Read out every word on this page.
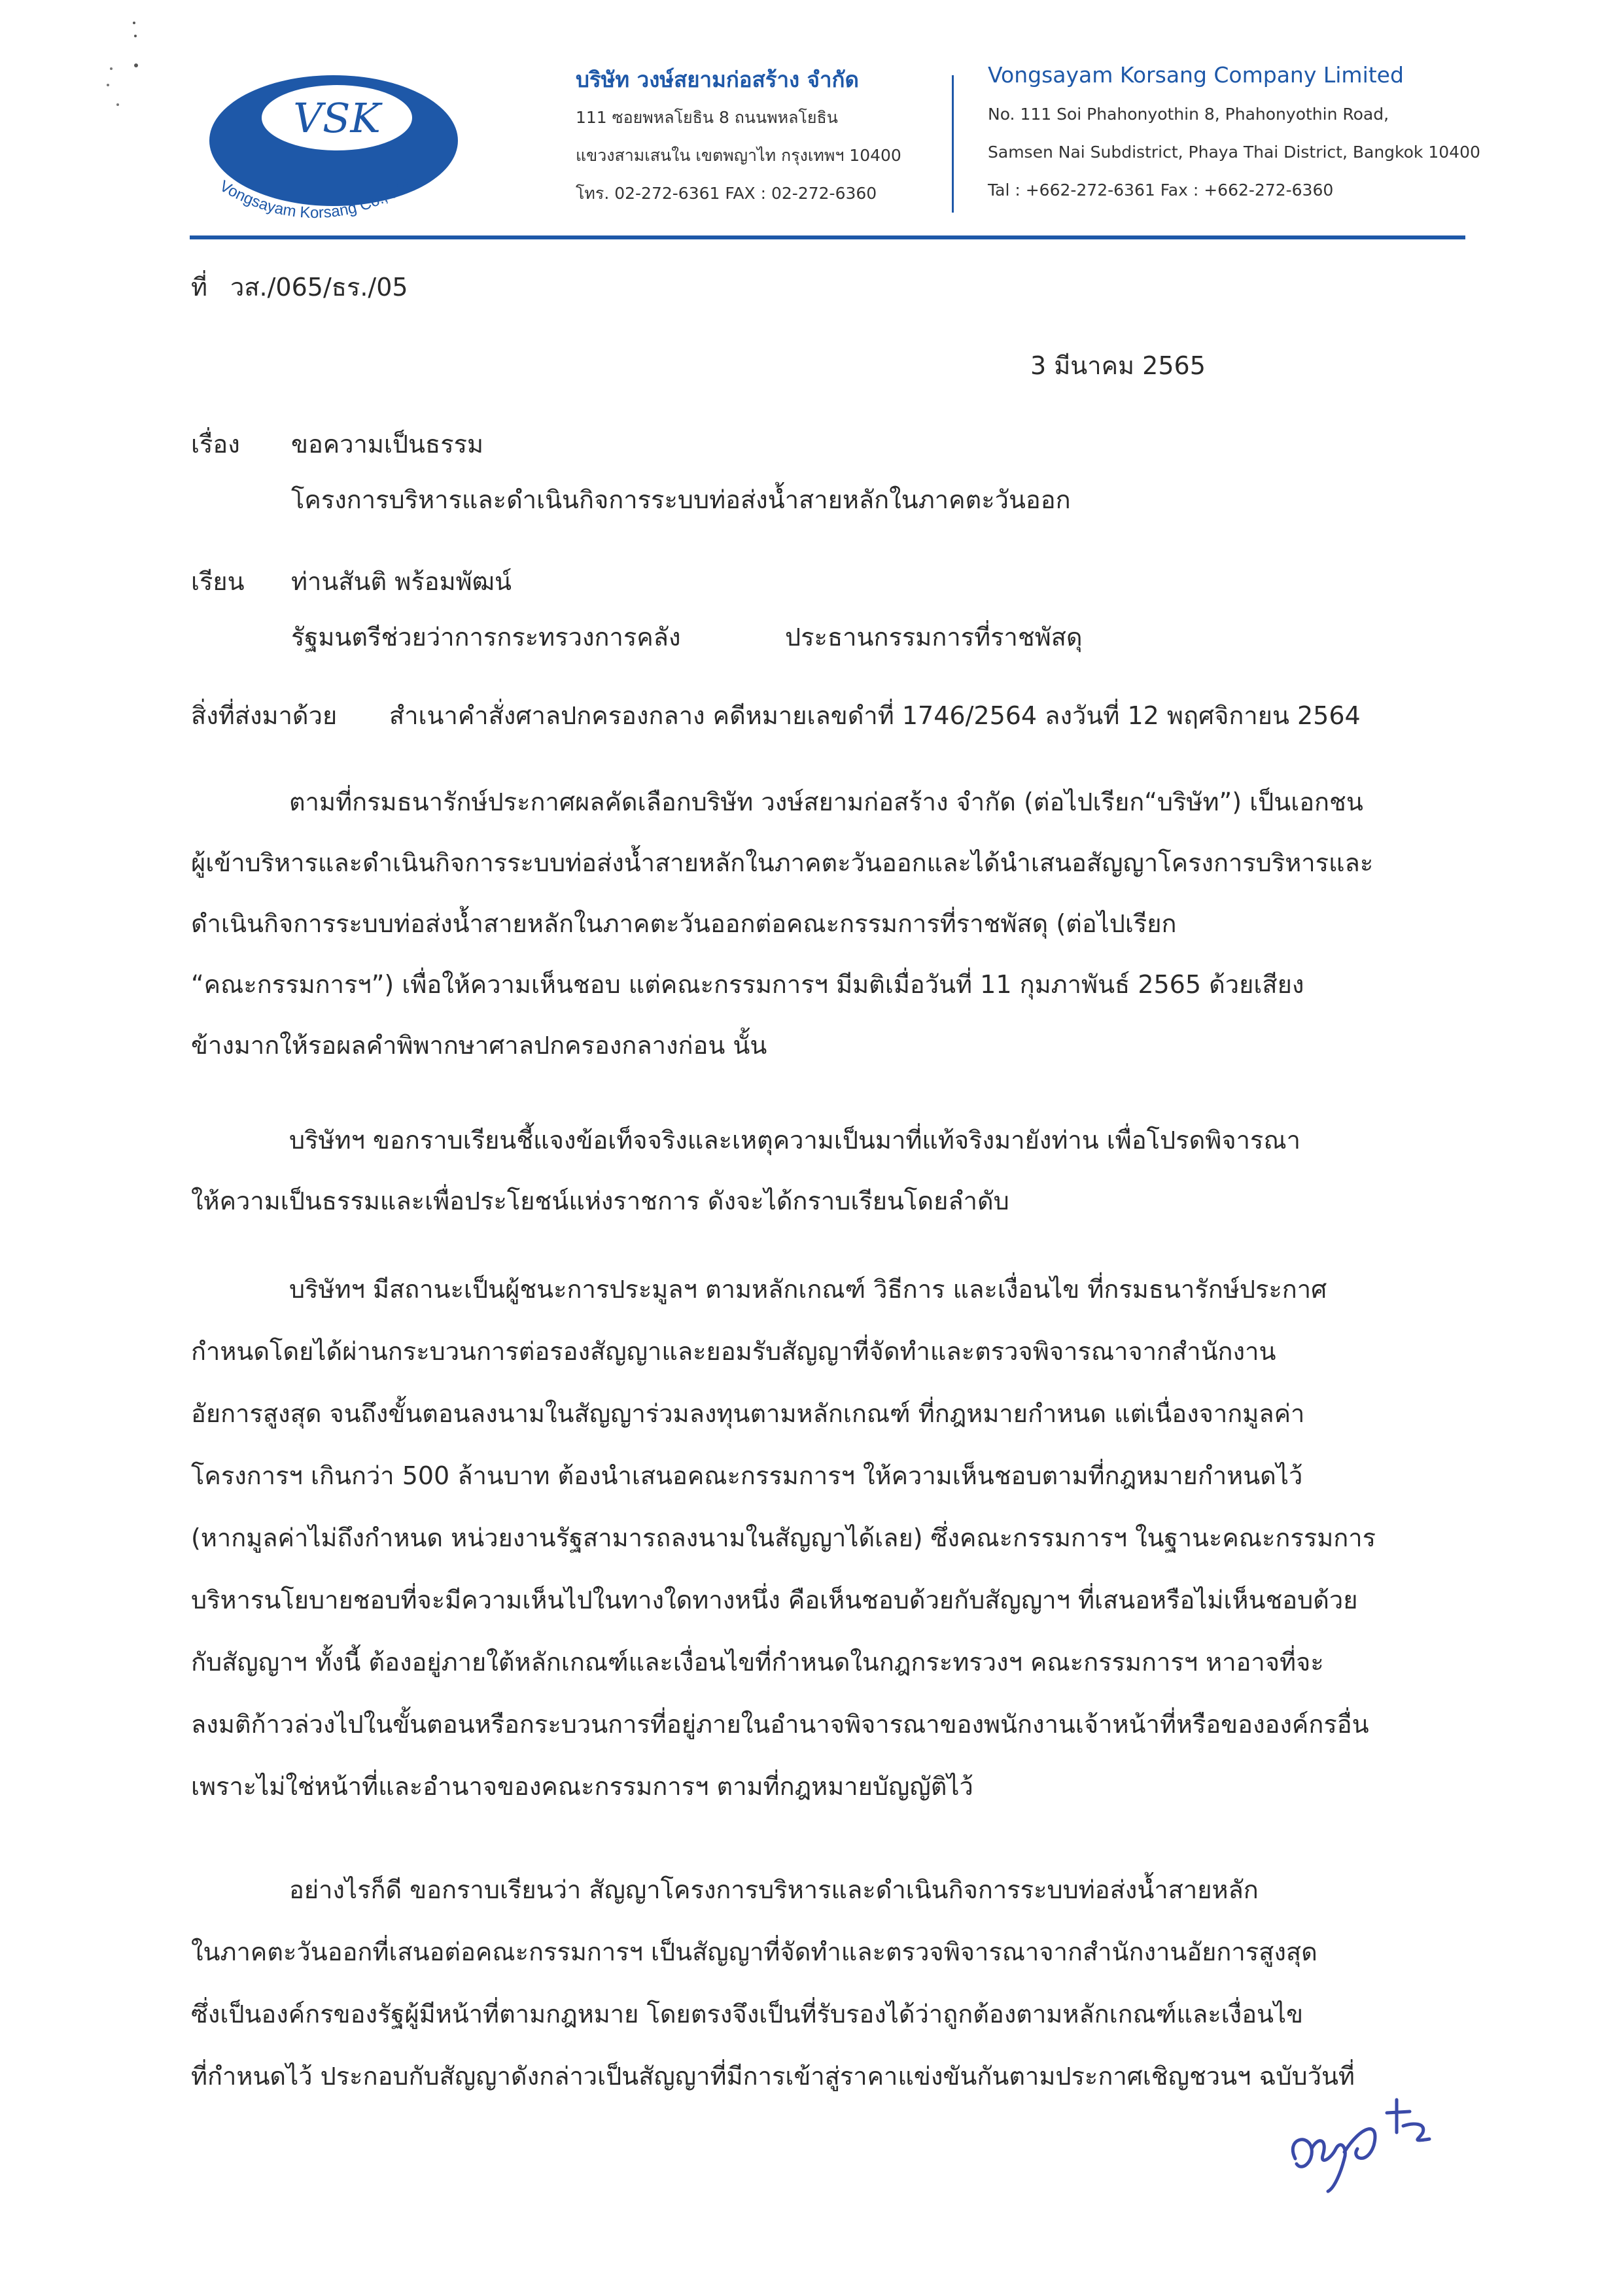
VSK
Vongsayam Korsang Co., Ltd.
บริษัท วงษ์สยามก่อสร้าง จำกัด
111 ซอยพหลโยธิน 8 ถนนพหลโยธิน
แขวงสามเสนใน เขตพญาไท กรุงเทพฯ 10400
โทร. 02-272-6361 FAX : 02-272-6360
Vongsayam Korsang Company Limited
No. 111 Soi Phahonyothin 8, Phahonyothin Road,
Samsen Nai Subdistrict, Phaya Thai District, Bangkok 10400
Tal : +662-272-6361 Fax : +662-272-6360
ที่ วส./065/ธร./05
3 มีนาคม 2565
เรื่อง ขอความเป็นธรรม
โครงการบริหารและดำเนินกิจการระบบท่อส่งน้ำสายหลักในภาคตะวันออก
เรียน ท่านสันติ พร้อมพัฒน์
รัฐมนตรีช่วยว่าการกระทรวงการคลัง	ประธานกรรมการที่ราชพัสดุ
สิ่งที่ส่งมาด้วย สำเนาคำสั่งศาลปกครองกลาง คดีหมายเลขดำที่ 1746/2564 ลงวันที่ 12 พฤศจิกายน 2564
ตามที่กรมธนารักษ์ประกาศผลคัดเลือกบริษัท วงษ์สยามก่อสร้าง จำกัด (ต่อไปเรียก“บริษัท”) เป็นเอกชน
ผู้เข้าบริหารและดำเนินกิจการระบบท่อส่งน้ำสายหลักในภาคตะวันออกและได้นำเสนอสัญญาโครงการบริหารและ
ดำเนินกิจการระบบท่อส่งน้ำสายหลักในภาคตะวันออกต่อคณะกรรมการที่ราชพัสดุ (ต่อไปเรียก
“คณะกรรมการฯ”) เพื่อให้ความเห็นชอบ แต่คณะกรรมการฯ มีมติเมื่อวันที่ 11 กุมภาพันธ์ 2565 ด้วยเสียง
ข้างมากให้รอผลคำพิพากษาศาลปกครองกลางก่อน นั้น
บริษัทฯ ขอกราบเรียนชี้แจงข้อเท็จจริงและเหตุความเป็นมาที่แท้จริงมายังท่าน เพื่อโปรดพิจารณา
ให้ความเป็นธรรมและเพื่อประโยชน์แห่งราชการ ดังจะได้กราบเรียนโดยลำดับ
บริษัทฯ มีสถานะเป็นผู้ชนะการประมูลฯ ตามหลักเกณฑ์ วิธีการ และเงื่อนไข ที่กรมธนารักษ์ประกาศ
กำหนดโดยได้ผ่านกระบวนการต่อรองสัญญาและยอมรับสัญญาที่จัดทำและตรวจพิจารณาจากสำนักงาน
อัยการสูงสุด จนถึงขั้นตอนลงนามในสัญญาร่วมลงทุนตามหลักเกณฑ์ ที่กฎหมายกำหนด แต่เนื่องจากมูลค่า
โครงการฯ เกินกว่า 500 ล้านบาท ต้องนำเสนอคณะกรรมการฯ ให้ความเห็นชอบตามที่กฎหมายกำหนดไว้
(หากมูลค่าไม่ถึงกำหนด หน่วยงานรัฐสามารถลงนามในสัญญาได้เลย) ซึ่งคณะกรรมการฯ ในฐานะคณะกรรมการ
บริหารนโยบายชอบที่จะมีความเห็นไปในทางใดทางหนึ่ง คือเห็นชอบด้วยกับสัญญาฯ ที่เสนอหรือไม่เห็นชอบด้วย
กับสัญญาฯ ทั้งนี้ ต้องอยู่ภายใต้หลักเกณฑ์และเงื่อนไขที่กำหนดในกฎกระทรวงฯ คณะกรรมการฯ หาอาจที่จะ
ลงมติก้าวล่วงไปในขั้นตอนหรือกระบวนการที่อยู่ภายในอำนาจพิจารณาของพนักงานเจ้าหน้าที่หรือขององค์กรอื่น
เพราะไม่ใช่หน้าที่และอำนาจของคณะกรรมการฯ ตามที่กฎหมายบัญญัติไว้
อย่างไรก็ดี ขอกราบเรียนว่า สัญญาโครงการบริหารและดำเนินกิจการระบบท่อส่งน้ำสายหลัก
ในภาคตะวันออกที่เสนอต่อคณะกรรมการฯ เป็นสัญญาที่จัดทำและตรวจพิจารณาจากสำนักงานอัยการสูงสุด
ซึ่งเป็นองค์กรของรัฐผู้มีหน้าที่ตามกฎหมาย โดยตรงจึงเป็นที่รับรองได้ว่าถูกต้องตามหลักเกณฑ์และเงื่อนไข
ที่กำหนดไว้ ประกอบกับสัญญาดังกล่าวเป็นสัญญาที่มีการเข้าสู่ราคาแข่งขันกันตามประกาศเชิญชวนฯ ฉบับวันที่
